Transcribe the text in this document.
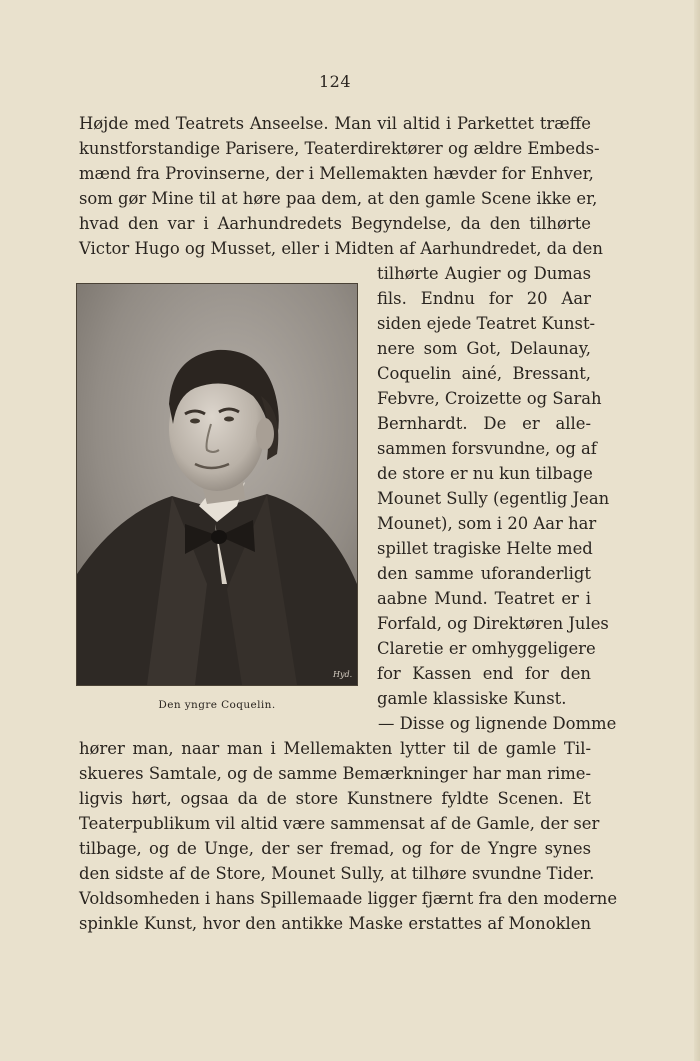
124
Højde med Teatrets Anseelse. Man vil altid i Parkettet træffe
kunstforstandige Parisere, Teaterdirektører og ældre Embeds-
mænd fra Provinserne, der i Mellemakten hævder for Enhver,
som gør Mine til at høre paa dem, at den gamle Scene ikke er,
hvad den var i Aarhundredets Begyndelse, da den tilhørte
Victor Hugo og Musset, eller i Midten af Aarhundredet, da den
tilhørte Augier og Dumas
fils. Endnu for 20 Aar
siden ejede Teatret Kunst-
nere som Got, Delaunay,
Coquelin ainé, Bressant,
Febvre, Croizette og Sarah
Bernhardt. De er alle-
sammen forsvundne, og af
de store er nu kun tilbage
Mounet Sully (egentlig Jean
Mounet), som i 20 Aar har
spillet tragiske Helte med
den samme uforanderligt
aabne Mund. Teatret er i
Forfald, og Direktøren Jules
Claretie er omhyggeligere
for Kassen end for den
gamle klassiske Kunst.
— Disse og lignende Domme
Hyd.
Den yngre Coquelin.
hører man, naar man i Mellemakten lytter til de gamle Til-
skueres Samtale, og de samme Bemærkninger har man rime-
ligvis hørt, ogsaa da de store Kunstnere fyldte Scenen. Et
Teaterpublikum vil altid være sammensat af de Gamle, der ser
tilbage, og de Unge, der ser fremad, og for de Yngre synes
den sidste af de Store, Mounet Sully, at tilhøre svundne Tider.
Voldsomheden i hans Spillemaade ligger fjærnt fra den moderne
spinkle Kunst, hvor den antikke Maske erstattes af Monoklen
